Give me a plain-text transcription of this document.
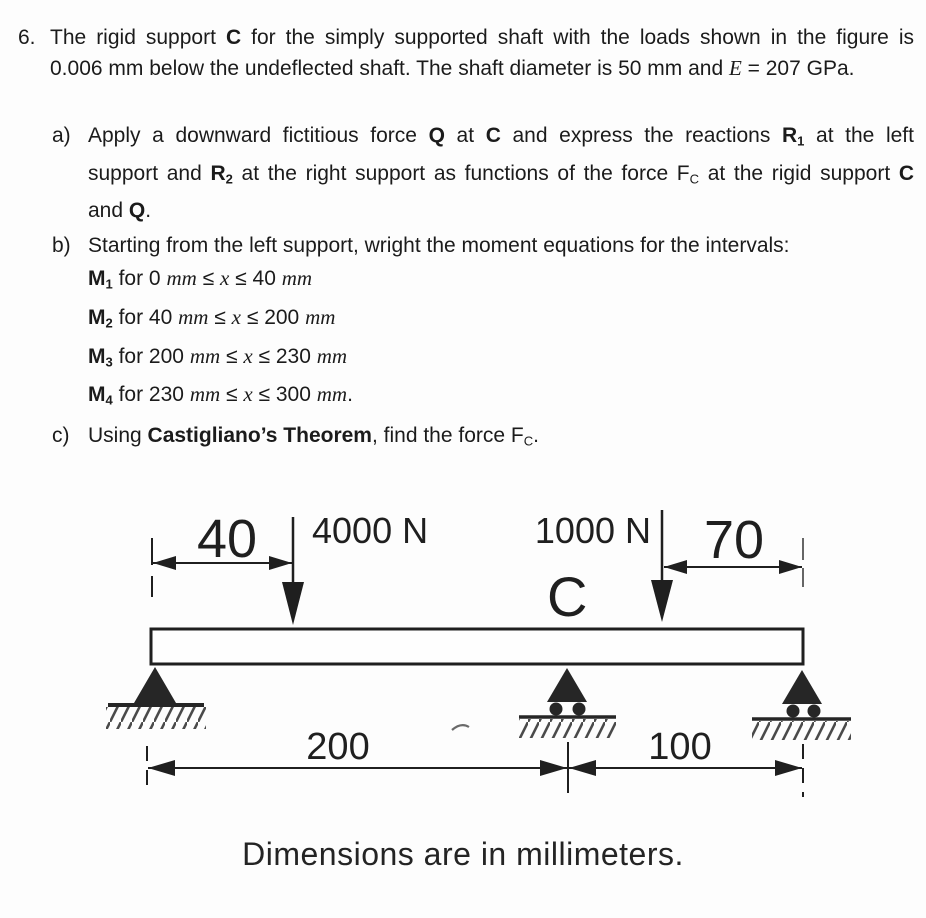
6. The rigid support C for the simply supported shaft with the loads shown in the figure is
0.006 mm below the undeflected shaft. The shaft diameter is 50 mm and E = 207 GPa.
a) Apply a downward fictitious force Q at C and express the reactions $R_1$ at the left
support and $R_2$ at the right support as functions of the force $F_C$ at the rigid support C
and Q.
b) Starting from the left support, wright the moment equations for the intervals:
$M_1$ for 0 mm ≤ x ≤ 40 mm
$M_2$ for 40 mm ≤ x ≤ 200 mm
$M_3$ for 200 mm ≤ x ≤ 230 mm
$M_4$ for 230 mm ≤ x ≤ 300 mm.
c) Using Castigliano’s Theorem, find the force $F_C$.
40 4000 N	1000 N 70
C
200	100
Dimensions are in millimeters.
